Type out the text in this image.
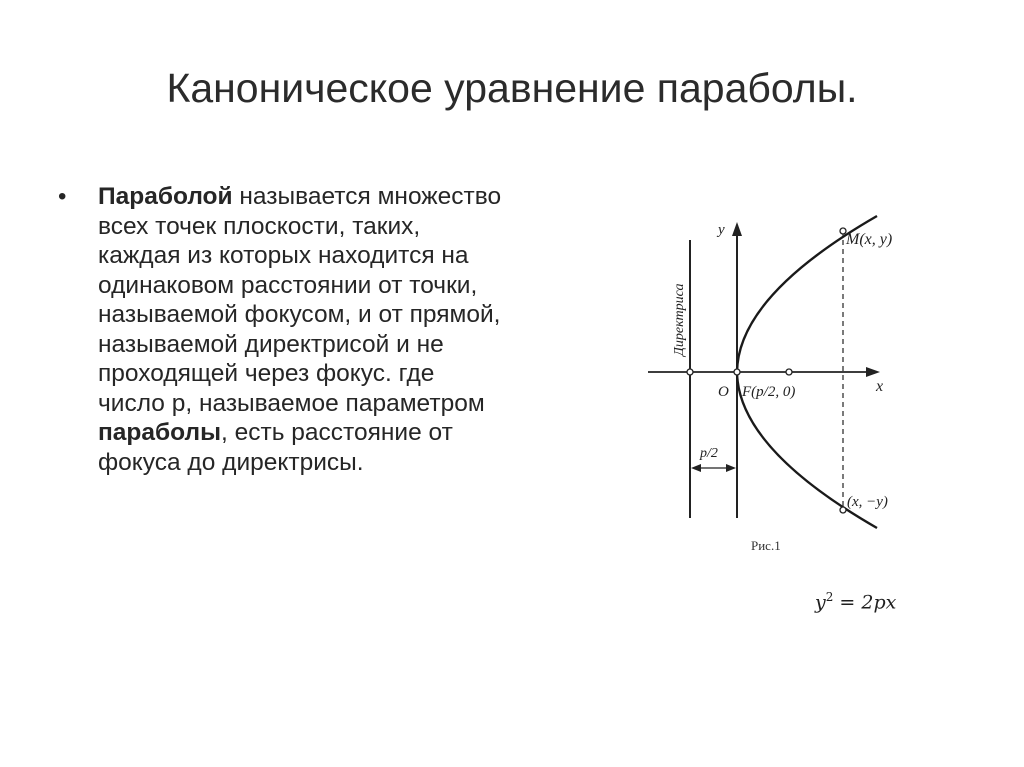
Каноническое уравнение параболы.
• Параболой называется множество всех точек плоскости, таких, каждая из которых находится на одинаковом расстоянии от точки, называемой фокусом, и от прямой, называемой директрисой и не проходящей через фокус. где число p, называемое параметром параболы, есть расстояние от фокуса до директрисы.
y
x
O F(p/2, 0)
M(x, y)
(x, −y)
p/2
Директриса
Рис.1
$y^2 = 2px$
